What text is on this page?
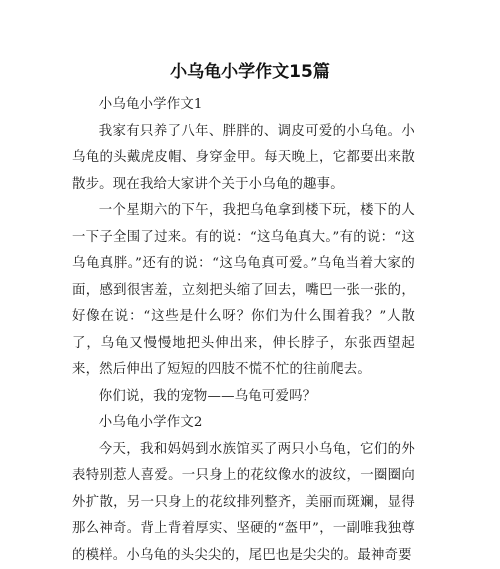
小乌龟小学作文15篇

小乌龟小学作文1

我家有只养了八年、胖胖的、调皮可爱的小乌龟。小乌龟的头戴虎皮帽、身穿金甲。每天晚上，它都要出来散散步。现在我给大家讲个关于小乌龟的趣事。

一个星期六的下午，我把乌龟拿到楼下玩，楼下的人一下子全围了过来。有的说：“这乌龟真大。”有的说：“这乌龟真胖。”还有的说：“这乌龟真可爱。”乌龟当着大家的面，感到很害羞，立刻把头缩了回去，嘴巴一张一张的，好像在说：“这些是什么呀？你们为什么围着我？”人散了，乌龟又慢慢地把头伸出来，伸长脖子，东张西望起来，然后伸出了短短的四肢不慌不忙的往前爬去。

你们说，我的宠物——乌龟可爱吗？

小乌龟小学作文2

今天，我和妈妈到水族馆买了两只小乌龟，它们的外表特别惹人喜爱。一只身上的花纹像水的波纹，一圈圈向外扩散，另一只身上的花纹排列整齐，美丽而斑斓，显得那么神奇。背上背着厚实、坚硬的“盔甲”，一副唯我独尊的模样。小乌龟的头尖尖的，尾巴也是尖尖的。最神奇要
